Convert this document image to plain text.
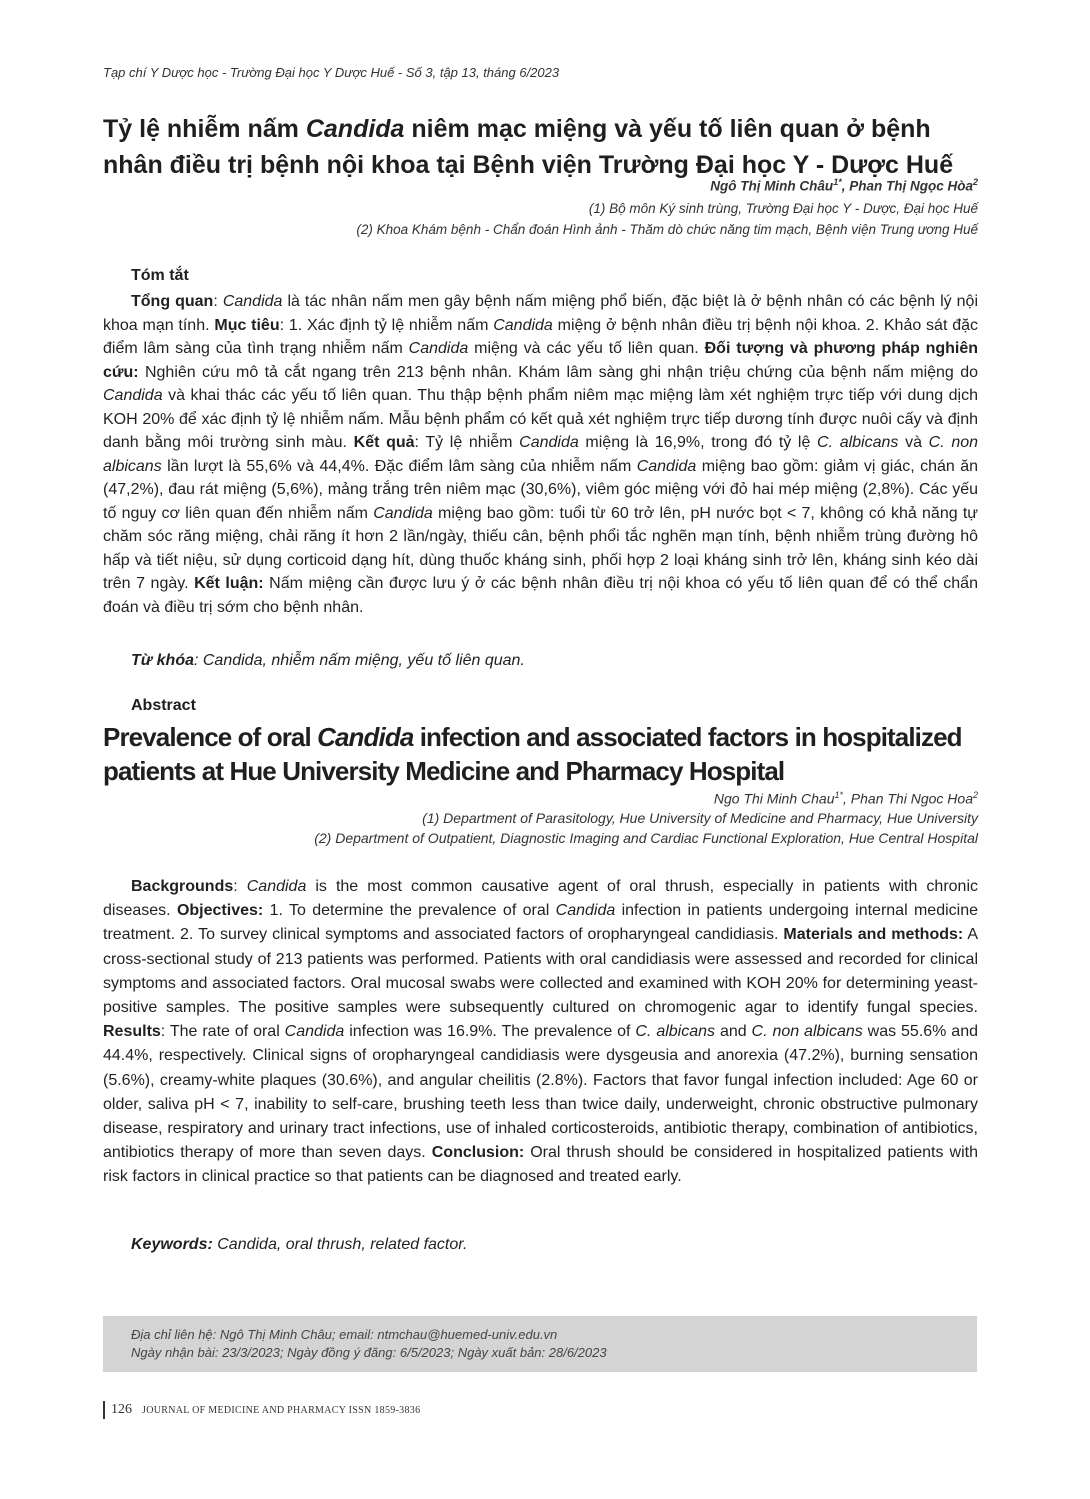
Tạp chí Y Dược học - Trường Đại học Y Dược Huế - Số 3, tập 13, tháng 6/2023
Tỷ lệ nhiễm nấm Candida niêm mạc miệng và yếu tố liên quan ở bệnh nhân điều trị bệnh nội khoa tại Bệnh viện Trường Đại học Y - Dược Huế
Ngô Thị Minh Châu$^{1*}$, Phan Thị Ngọc Hòa$^2$
(1) Bộ môn Ký sinh trùng, Trường Đại học Y - Dược, Đại học Huế
(2) Khoa Khám bệnh - Chẩn đoán Hình ảnh - Thăm dò chức năng tim mạch, Bệnh viện Trung ương Huế
Tóm tắt

Tổng quan: Candida là tác nhân nấm men gây bệnh nấm miệng phổ biến, đặc biệt là ở bệnh nhân có các bệnh lý nội khoa mạn tính. Mục tiêu: 1. Xác định tỷ lệ nhiễm nấm Candida miệng ở bệnh nhân điều trị bệnh nội khoa. 2. Khảo sát đặc điểm lâm sàng của tình trạng nhiễm nấm Candida miệng và các yếu tố liên quan. Đối tượng và phương pháp nghiên cứu: Nghiên cứu mô tả cắt ngang trên 213 bệnh nhân. Khám lâm sàng ghi nhận triệu chứng của bệnh nấm miệng do Candida và khai thác các yếu tố liên quan. Thu thập bệnh phẩm niêm mạc miệng làm xét nghiệm trực tiếp với dung dịch KOH 20% để xác định tỷ lệ nhiễm nấm. Mẫu bệnh phẩm có kết quả xét nghiệm trực tiếp dương tính được nuôi cấy và định danh bằng môi trường sinh màu. Kết quả: Tỷ lệ nhiễm Candida miệng là 16,9%, trong đó tỷ lệ C. albicans và C. non albicans lần lượt là 55,6% và 44,4%. Đặc điểm lâm sàng của nhiễm nấm Candida miệng bao gồm: giảm vị giác, chán ăn (47,2%), đau rát miệng (5,6%), mảng trắng trên niêm mạc (30,6%), viêm góc miệng với đỏ hai mép miệng (2,8%). Các yếu tố nguy cơ liên quan đến nhiễm nấm Candida miệng bao gồm: tuổi từ 60 trở lên, pH nước bọt < 7, không có khả năng tự chăm sóc răng miệng, chải răng ít hơn 2 lần/ngày, thiếu cân, bệnh phổi tắc nghẽn mạn tính, bệnh nhiễm trùng đường hô hấp và tiết niệu, sử dụng corticoid dạng hít, dùng thuốc kháng sinh, phối hợp 2 loại kháng sinh trở lên, kháng sinh kéo dài trên 7 ngày. Kết luận: Nấm miệng cần được lưu ý ở các bệnh nhân điều trị nội khoa có yếu tố liên quan để có thể chẩn đoán và điều trị sớm cho bệnh nhân.

Từ khóa: Candida, nhiễm nấm miệng, yếu tố liên quan.
Abstract
Prevalence of oral Candida infection and associated factors in hospitalized patients at Hue University Medicine and Pharmacy Hospital
Ngo Thi Minh Chau$^{1*}$, Phan Thi Ngoc Hoa$^2$
(1) Department of Parasitology, Hue University of Medicine and Pharmacy, Hue University
(2) Department of Outpatient, Diagnostic Imaging and Cardiac Functional Exploration, Hue Central Hospital

Backgrounds: Candida is the most common causative agent of oral thrush, especially in patients with chronic diseases. Objectives: 1. To determine the prevalence of oral Candida infection in patients undergoing internal medicine treatment. 2. To survey clinical symptoms and associated factors of oropharyngeal candidiasis. Materials and methods: A cross-sectional study of 213 patients was performed. Patients with oral candidiasis were assessed and recorded for clinical symptoms and associated factors. Oral mucosal swabs were collected and examined with KOH 20% for determining yeast-positive samples. The positive samples were subsequently cultured on chromogenic agar to identify fungal species. Results: The rate of oral Candida infection was 16.9%. The prevalence of C. albicans and C. non albicans was 55.6% and 44.4%, respectively. Clinical signs of oropharyngeal candidiasis were dysgeusia and anorexia (47.2%), burning sensation (5.6%), creamy-white plaques (30.6%), and angular cheilitis (2.8%). Factors that favor fungal infection included: Age 60 or older, saliva pH < 7, inability to self-care, brushing teeth less than twice daily, underweight, chronic obstructive pulmonary disease, respiratory and urinary tract infections, use of inhaled corticosteroids, antibiotic therapy, combination of antibiotics, antibiotics therapy of more than seven days. Conclusion: Oral thrush should be considered in hospitalized patients with risk factors in clinical practice so that patients can be diagnosed and treated early.

Keywords: Candida, oral thrush, related factor.
Địa chỉ liên hệ: Ngô Thị Minh Châu; email: ntmchau@huemed-univ.edu.vn
Ngày nhận bài: 23/3/2023; Ngày đồng ý đăng: 6/5/2023; Ngày xuất bản: 28/6/2023
126 JOURNAL OF MEDICINE AND PHARMACY ISSN 1859-3836
